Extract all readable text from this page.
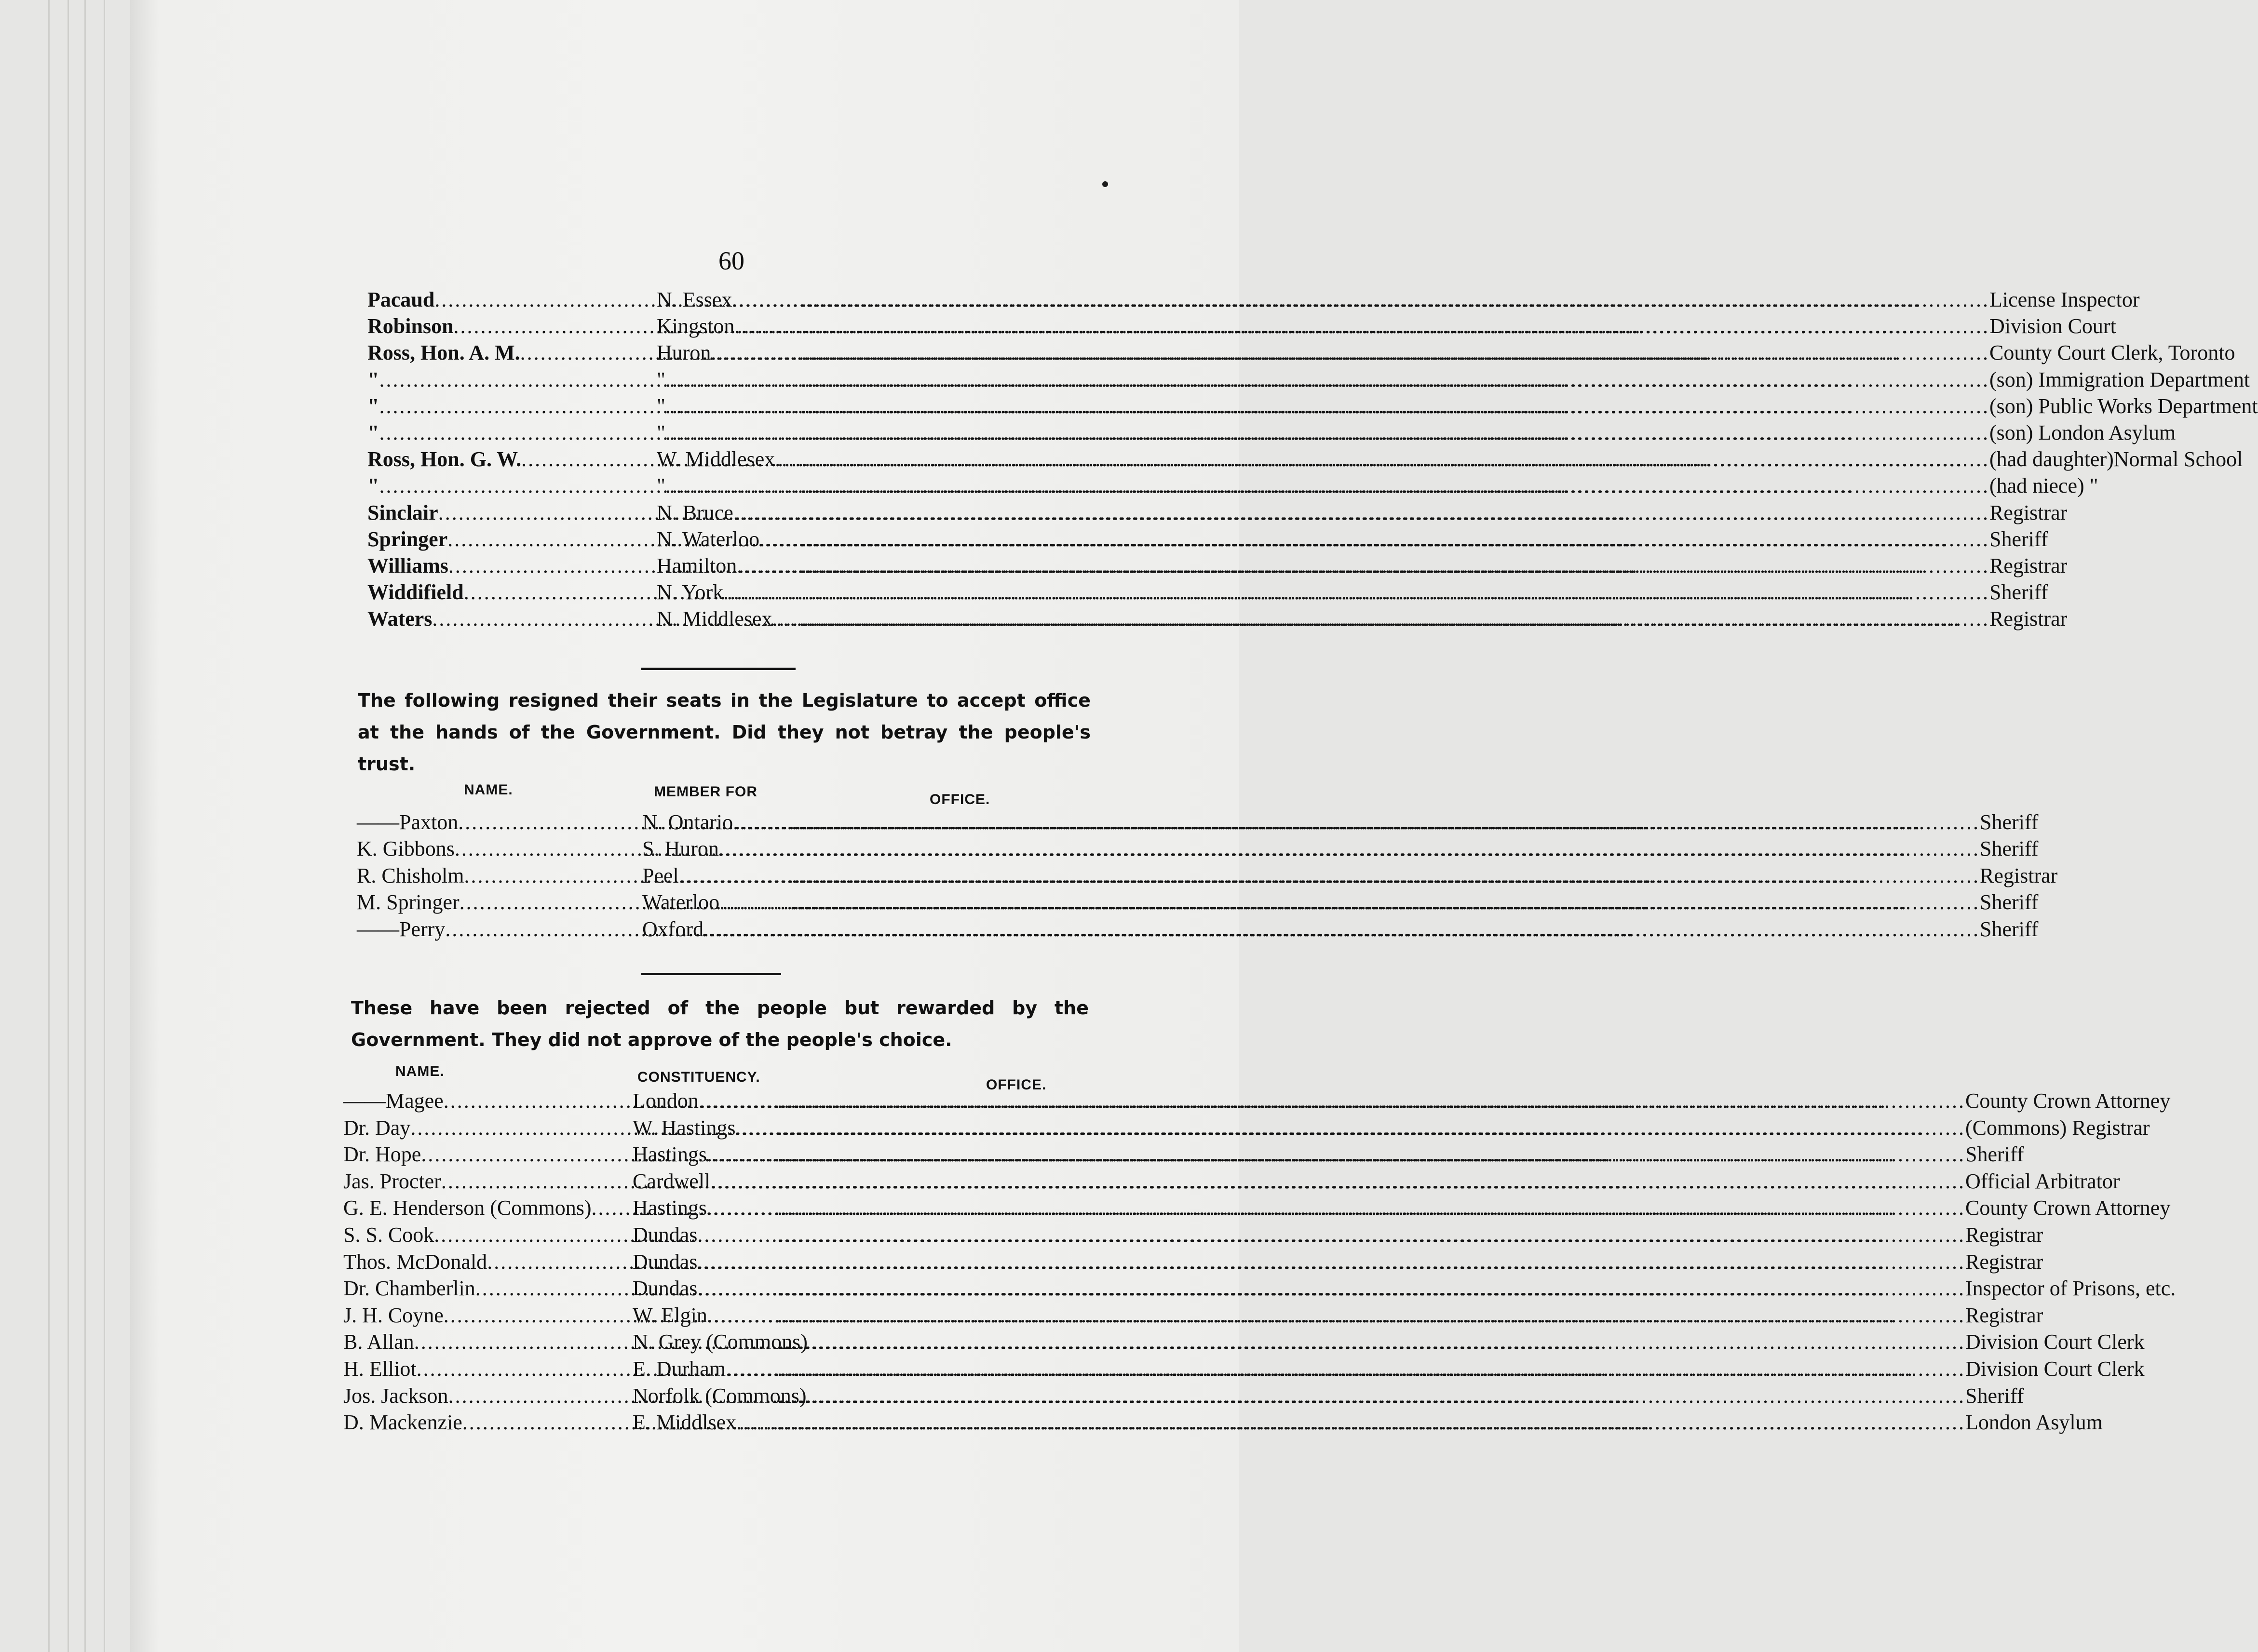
60
Pacaud .....	N. Essex ..... .....	License Inspector
Robinson .....	Kingston ..... .....	Division Court
Ross, Hon. A. M. .....	Huron ..... .....	County Court Clerk, Toronto
" .....	" ..... .....	(son) Immigration Department
" .....	" ..... .....	(son) Public Works Department
" .....	" ..... .....	(son) London Asylum
Ross, Hon. G. W. .....	W. Middlesex ..... .....	(had daughter)Normal School
" .....	" ..... .....	(had niece) "
Sinclair .....	N. Bruce ..... .....	Registrar
Springer .....	N. Waterloo ..... .....	Sheriff
Williams .....	Hamilton ..... .....	Registrar
Widdifield .....	N. York ..... .....	Sheriff
Waters .....	N. Middlesex ..... .....	Registrar
The following resigned their seats in the Legislature to accept office at the hands of the Government. Did they not betray the people's trust.
NAME.	MEMBER FOR	OFFICE.
——Paxton .....	N. Ontario ..... .....	Sheriff
K. Gibbons .....	S. Huron ..... .....	Sheriff
R. Chisholm .....	Peel ..... .....	Registrar
M. Springer .....	Waterloo ..... .....	Sheriff
——Perry .....	Oxford ..... .....	Sheriff
These have been rejected of the people but rewarded by the Government. They did not approve of the people's choice.
NAME.	CONSTITUENCY.	OFFICE.
——Magee .....	London ..... .....	County Crown Attorney
Dr. Day .....	W. Hastings ..... .....	(Commons) Registrar
Dr. Hope .....	Hastings ..... .....	Sheriff
Jas. Procter .....	Cardwell ..... .....	Official Arbitrator
G. E. Henderson (Commons) ..... Hastings ..... .....	County Crown Attorney
S. S. Cook .....	Dundas ..... .....	Registrar
Thos. McDonald .....	Dundas ..... .....	Registrar
Dr. Chamberlin .....	Dundas ..... .....	Inspector of Prisons, etc.
J. H. Coyne .....	W. Elgin ..... .....	Registrar
B. Allan .....	N. Grey (Commons) .....	Division Court Clerk
H. Elliot .....	E. Durham ..... .....	Division Court Clerk
Jos. Jackson .....	Norfolk (Commons) .....	Sheriff
D. Mackenzie .....	E. Middlsex ..... .....	London Asylum
